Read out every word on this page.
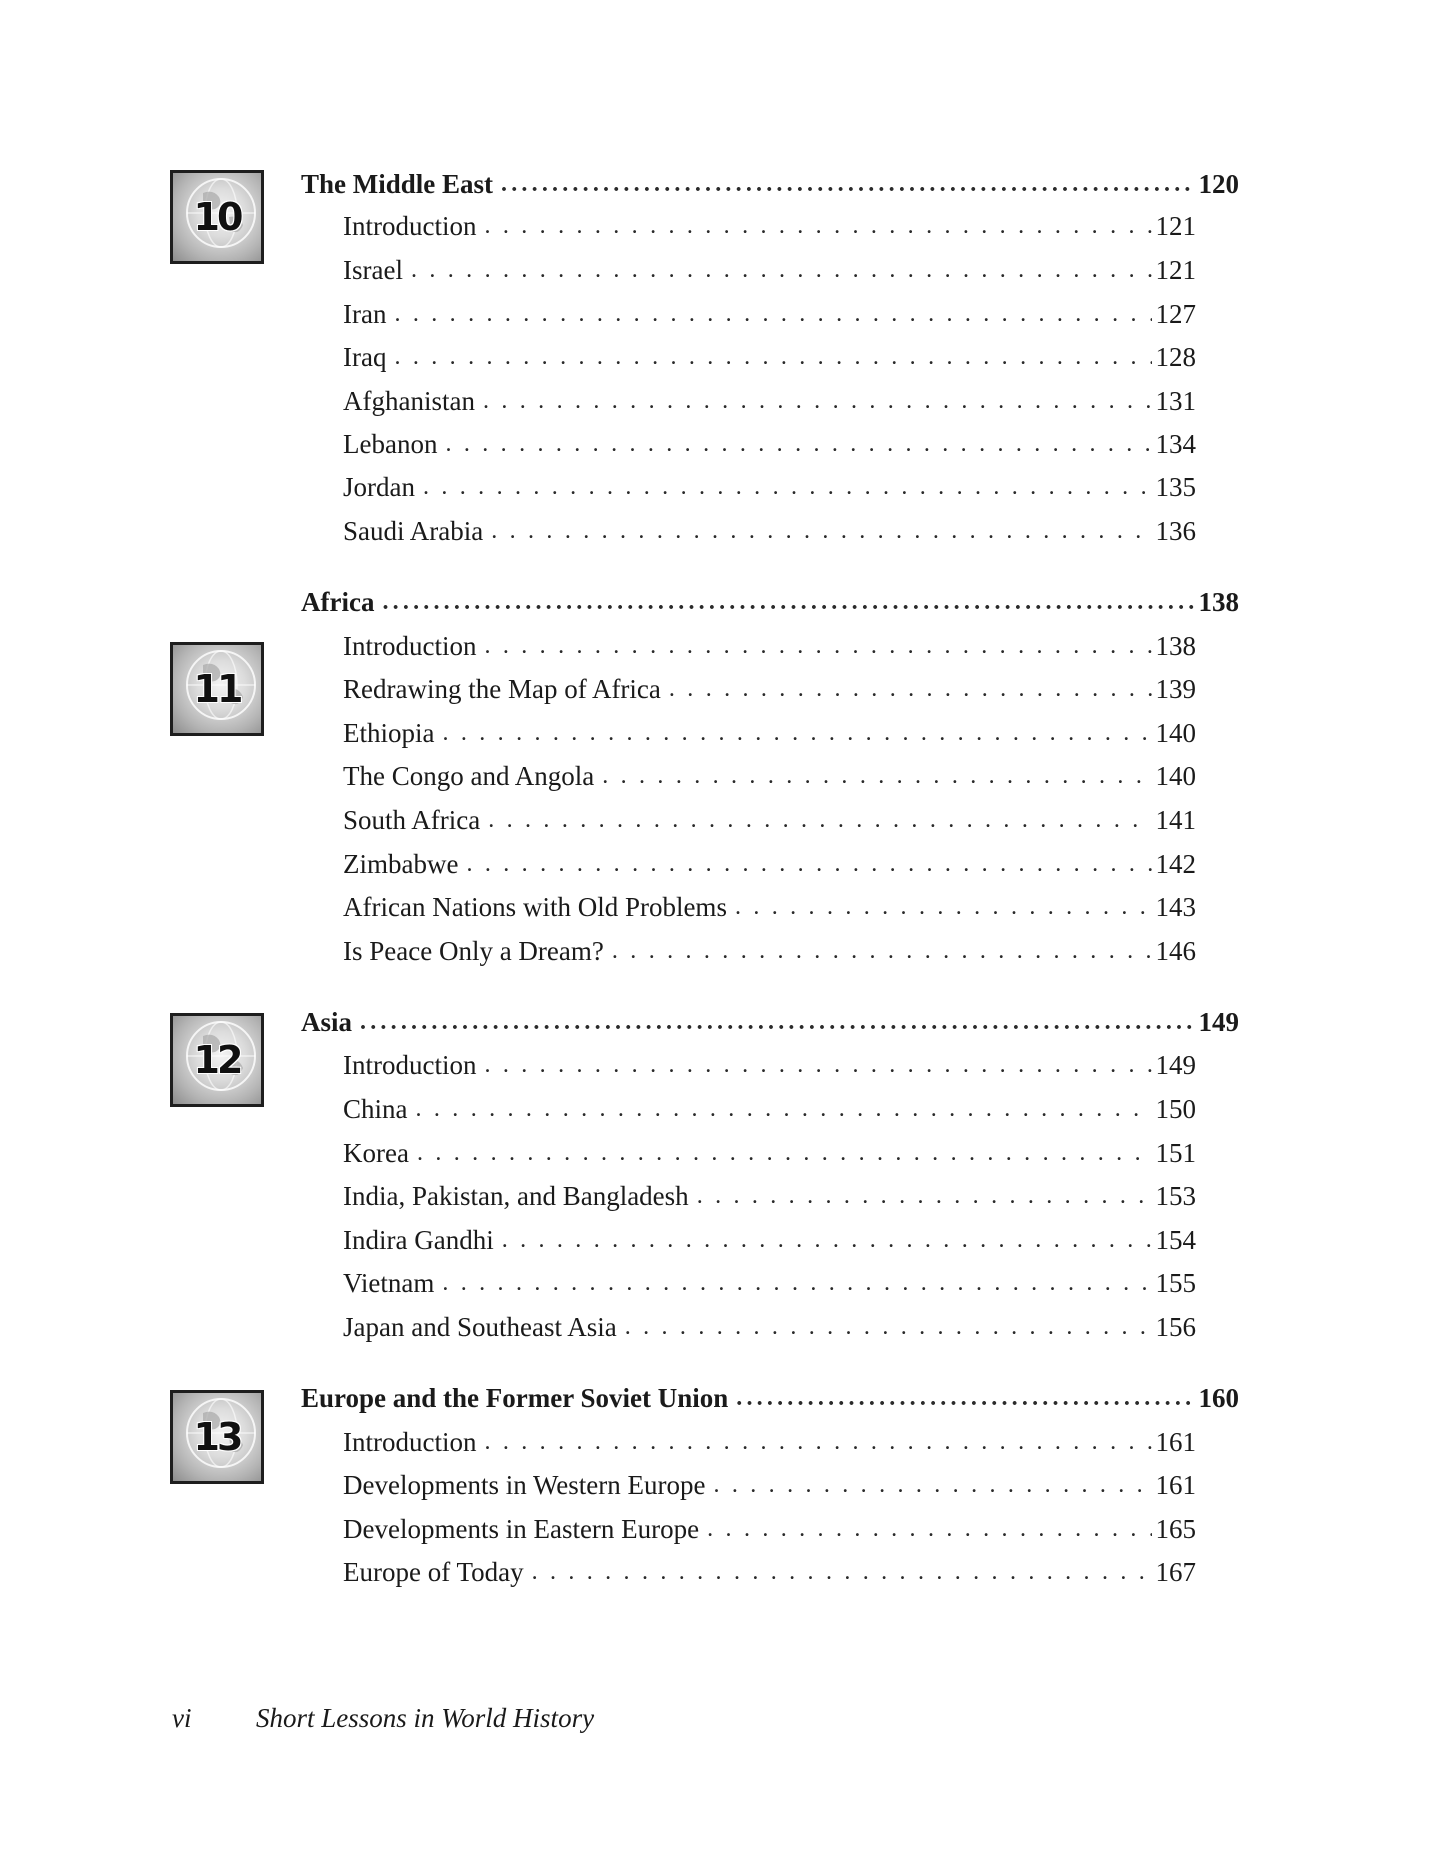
10
The Middle East .....	120
Introduction . . .	121
Israel . . .	121
Iran . . .	127
Iraq . . .	128
Afghanistan . . .	131
Lebanon . . .	134
Jordan . . .	135
Saudi Arabia . . .	136
11
Africa .....	138
Introduction . . .	138
Redrawing the Map of Africa . . .	139
Ethiopia . . .	140
The Congo and Angola . . .	140
South Africa . . .	141
Zimbabwe . . .	142
African Nations with Old Problems . . .	143
Is Peace Only a Dream? . . .	146
12
Asia .....	149
Introduction . . .	149
China . . .	150
Korea . . .	151
India, Pakistan, and Bangladesh . . .	153
Indira Gandhi . . .	154
Vietnam . . .	155
Japan and Southeast Asia . . .	156
13
Europe and the Former Soviet Union .....	160
Introduction . . .	161
Developments in Western Europe . . .	161
Developments in Eastern Europe . . .	165
Europe of Today . . .	167
vi Short Lessons in World History
